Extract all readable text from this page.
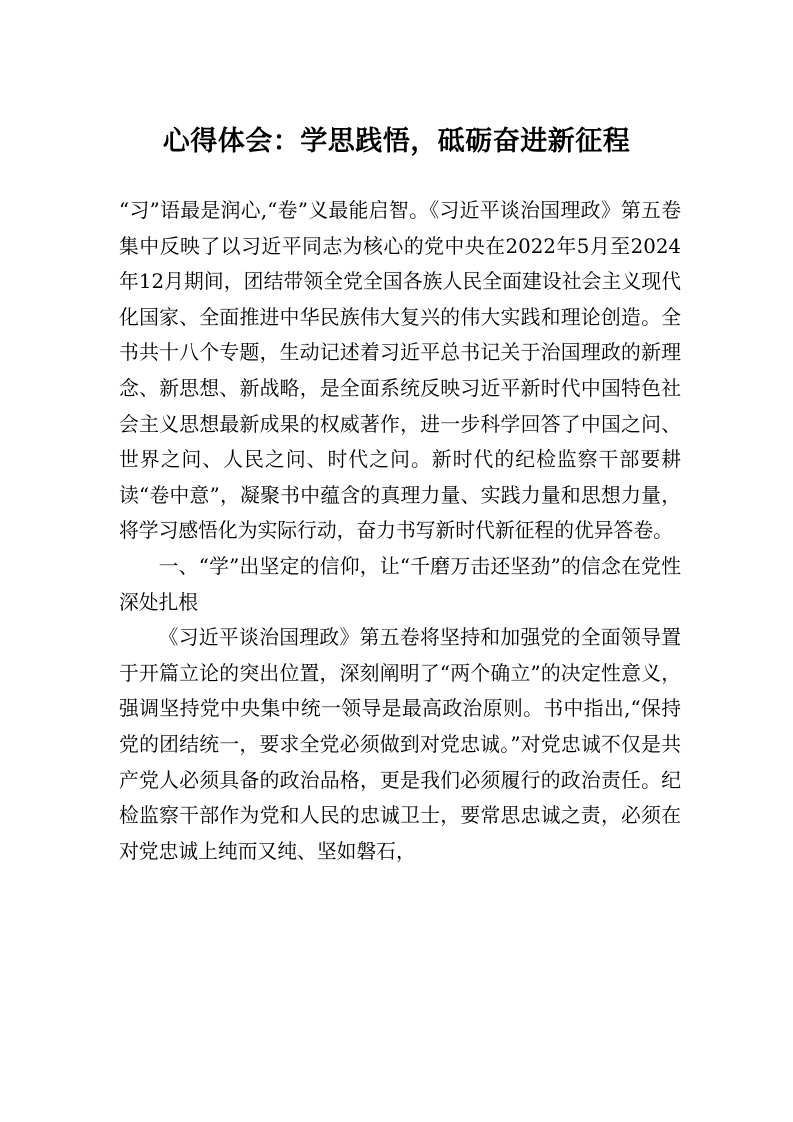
心得体会：学思践悟，砥砺奋进新征程

“习”语最是润心,“卷”义最能启智。《习近平谈治国理政》第五卷集中反映了以习近平同志为核心的党中央在2022年5月至2024年12月期间，团结带领全党全国各族人民全面建设社会主义现代化国家、全面推进中华民族伟大复兴的伟大实践和理论创造。全书共十八个专题，生动记述着习近平总书记关于治国理政的新理念、新思想、新战略，是全面系统反映习近平新时代中国特色社会主义思想最新成果的权威著作，进一步科学回答了中国之问、世界之问、人民之问、时代之问。新时代的纪检监察干部要耕读“卷中意”，凝聚书中蕴含的真理力量、实践力量和思想力量，将学习感悟化为实际行动，奋力书写新时代新征程的优异答卷。

一、“学”出坚定的信仰，让“千磨万击还坚劲”的信念在党性深处扎根

《习近平谈治国理政》第五卷将坚持和加强党的全面领导置于开篇立论的突出位置，深刻阐明了“两个确立”的决定性意义，强调坚持党中央集中统一领导是最高政治原则。书中指出,“保持党的团结统一，要求全党必须做到对党忠诚。”对党忠诚不仅是共产党人必须具备的政治品格，更是我们必须履行的政治责任。纪检监察干部作为党和人民的忠诚卫士，要常思忠诚之责，必须在对党忠诚上纯而又纯、坚如磐石，
